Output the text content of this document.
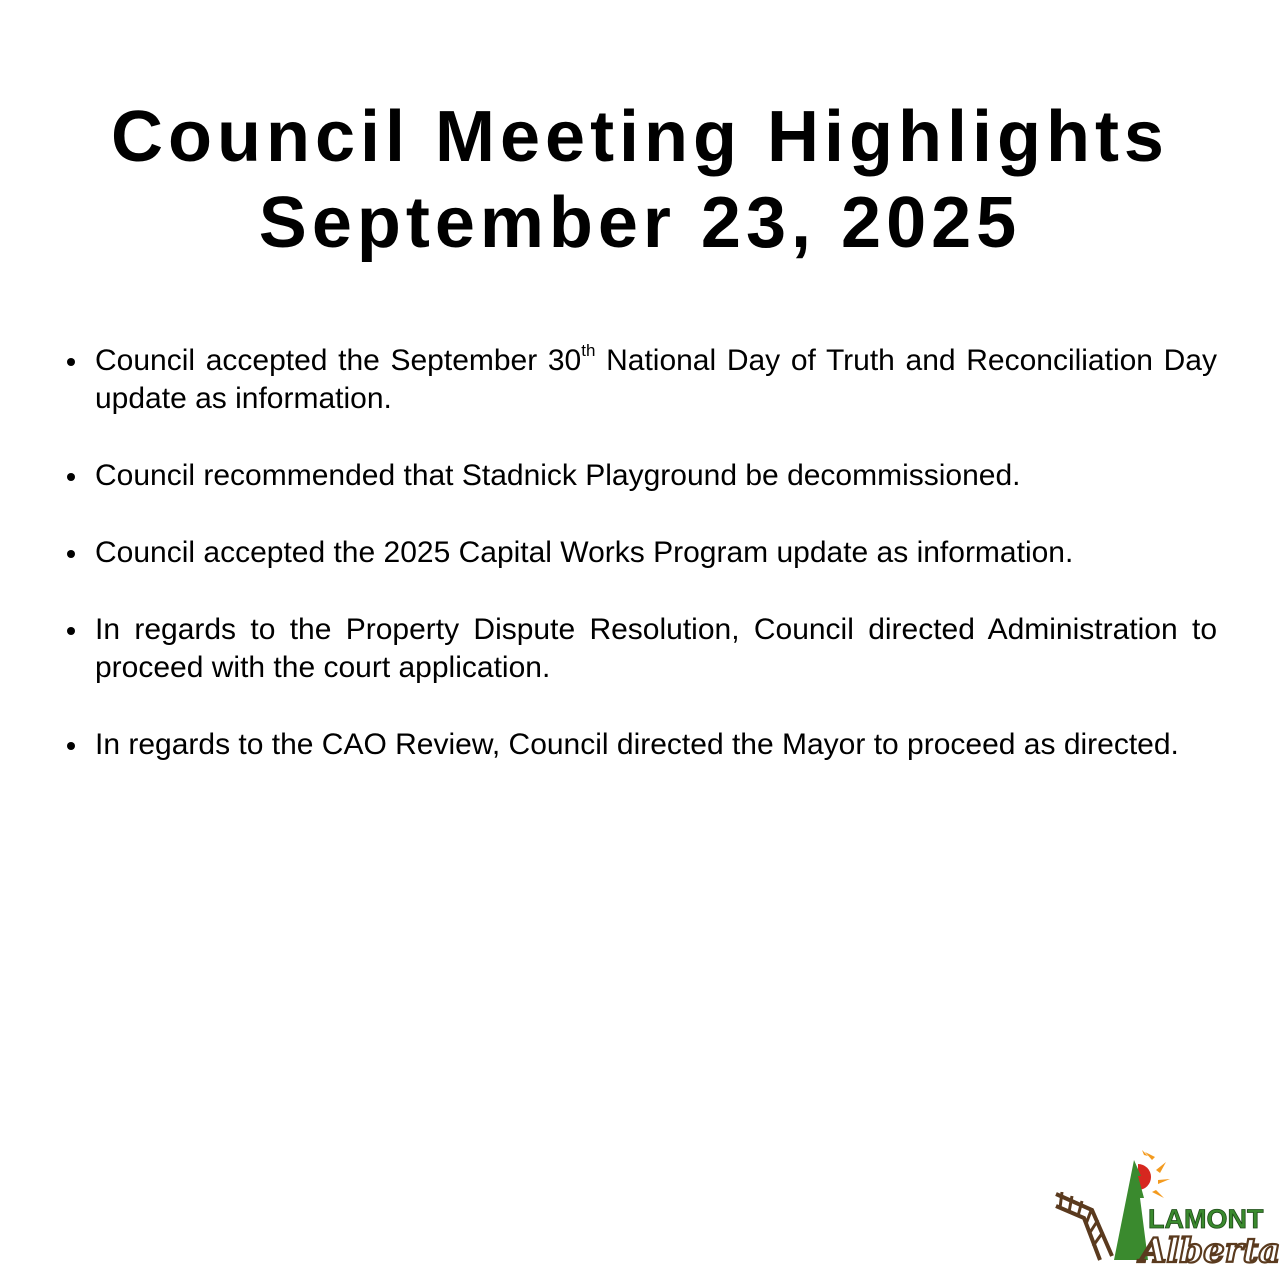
Council Meeting Highlights
September 23, 2025
Council accepted the September 30th National Day of Truth and Reconciliation Day update as information.
Council recommended that Stadnick Playground be decommissioned.
Council accepted the 2025 Capital Works Program update as information.
In regards to the Property Dispute Resolution, Council directed Administration to proceed with the court application.
In regards to the CAO Review, Council directed the Mayor to proceed as directed.
LAMONT
Alberta
